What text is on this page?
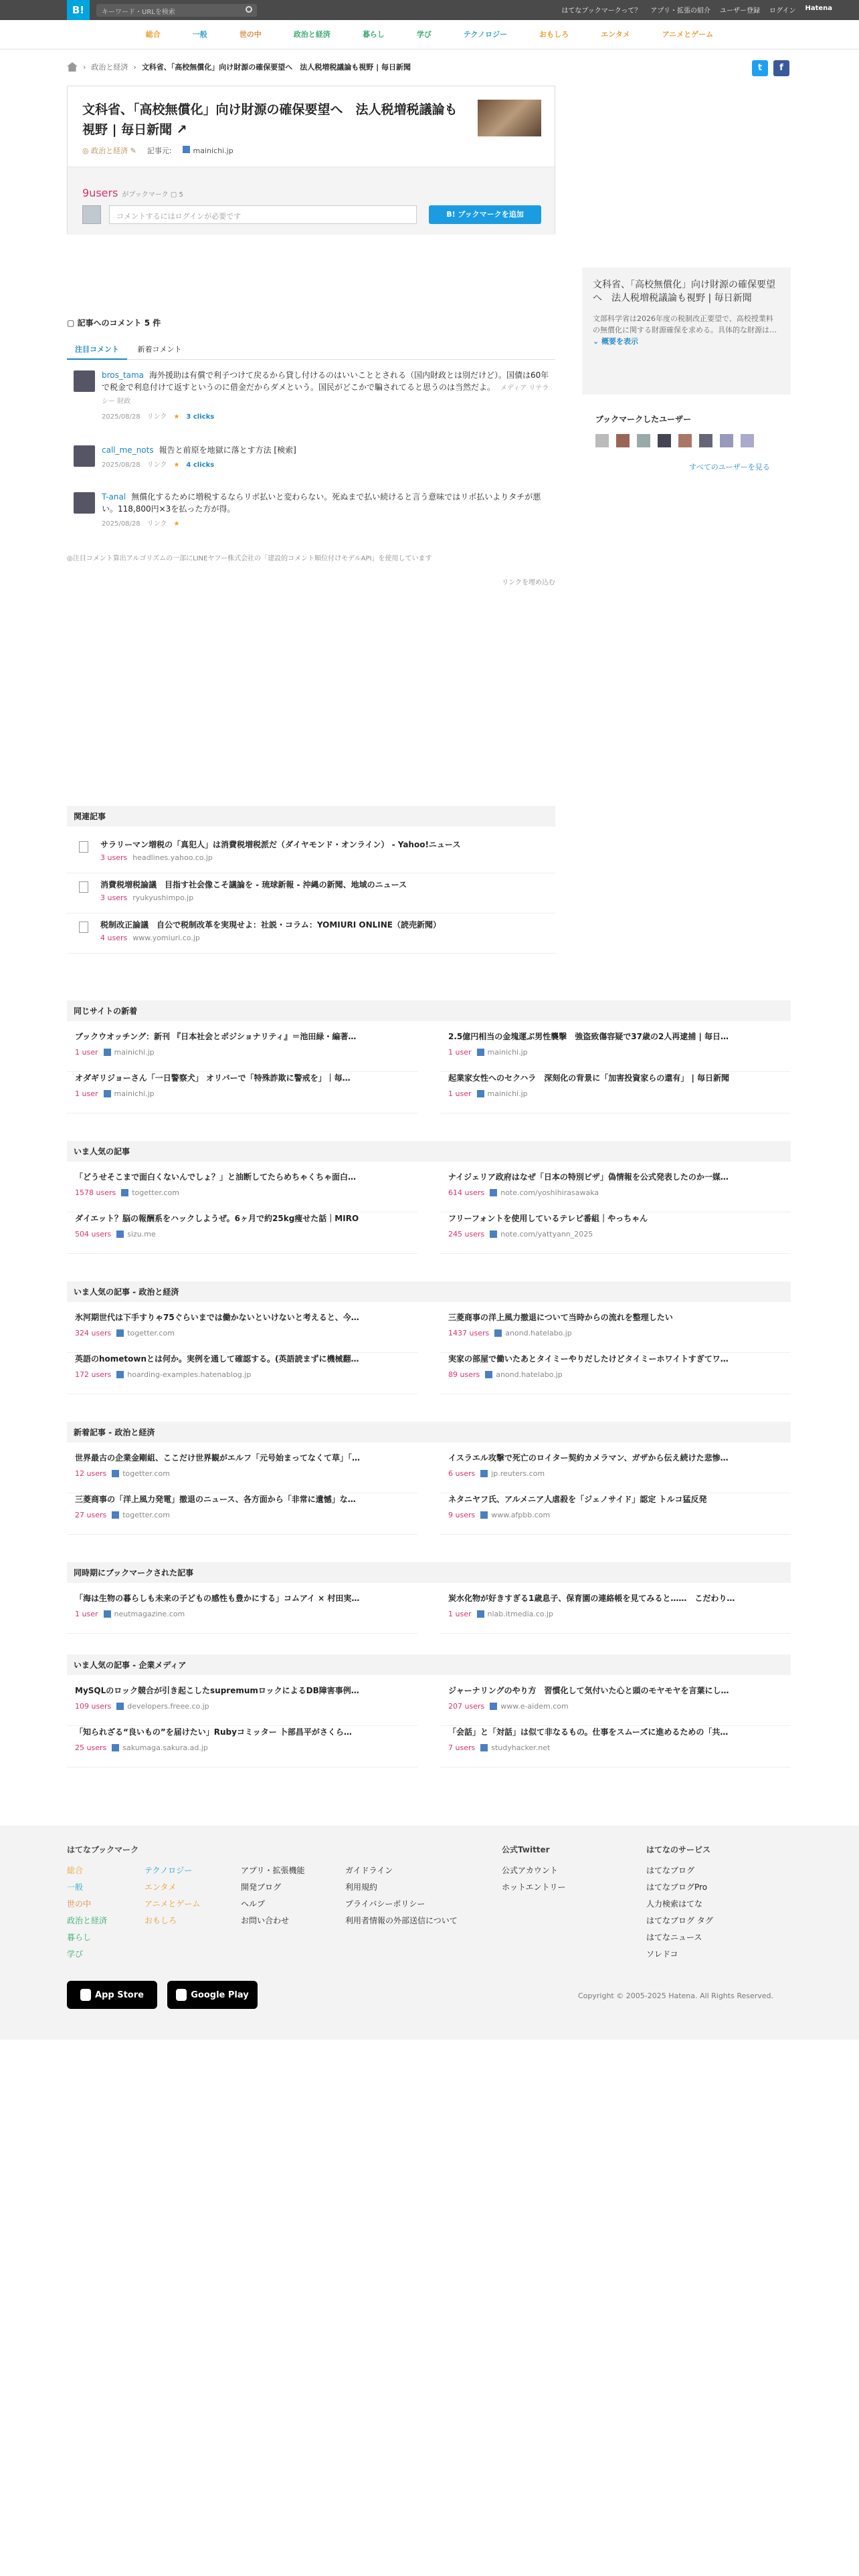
B!	キーワード・URLを検索	はてなブックマークって？ アプリ・拡張の紹介 ユーザー登録 ログイン Hatena
総合	一般	世の中	政治と経済	暮らし	学び	テクノロジー	おもしろ	エンタメ	アニメとゲーム
› 政治と経済 › 文科省、「高校無償化」向け財源の確保要望へ　法人税増税議論も視野 | 毎日新聞	t	f
文科省、「高校無償化」向け財源の確保要望へ　法人税増税議論も視野 | 毎日新聞 ↗
◎ 政治と経済 ✎ 記事元:	mainichi.jp
9users がブックマーク ▢ 5
コメントするにはログインが必要です	B! ブックマークを追加
文科省、「高校無償化」向け財源の確保要望へ　法人税増税議論も視野 | 毎日新聞
文部科学省は2026年度の税制改正要望で、高校授業料の無償化に関する財源確保を求める。具体的な財源は… ⌄ 概要を表示
ブックマークしたユーザー
すべてのユーザーを見る
▢ 記事へのコメント 5 件
注目コメント	新着コメント
bros_tama 海外援助は有償で利子つけて戻るから貸し付けるのはいいこととされる（国内財政とは別だけど）。国債は60年で税金で利息付けて返すというのに借金だからダメという。国民がどこかで騙されてると思うのは当然だよ。 メディア リテラシー 財政
2025/08/28　 リンク　★　3 clicks
call_me_nots 報告と前原を地獄に落とす方法 [検索]
2025/08/28　 リンク　★　4 clicks
T-anal 無償化するために増税するならリボ払いと変わらない。死ぬまで払い続けると言う意味ではリボ払いよりタチが悪い。118,800円×3を払った方が得。
2025/08/28　 リンク　★　
◎注目コメント算出アルゴリズムの一部にLINEヤフー株式会社の「建設的コメント順位付けモデルAPI」を使用しています
リンクを埋め込む
関連記事
サラリーマン増税の「真犯人」は消費税増税派だ（ダイヤモンド・オンライン） - Yahoo!ニュース
3 users headlines.yahoo.co.jp
消費税増税論議　目指す社会像こそ議論を - 琉球新報 - 沖縄の新聞、地域のニュース
3 users ryukyushimpo.jp
税制改正論議　自公で税制改革を実現せよ：社説・コラム：YOMIURI ONLINE（読売新聞）
4 users www.yomiuri.co.jp
同じサイトの新着
ブックウオッチング：新刊 『日本社会とポジショナリティ』＝池田緑・編著…
1 user mainichi.jp
2.5億円相当の金塊運ぶ男性襲撃　強盗致傷容疑で37歳の2人再逮捕 | 毎日…
1 user mainichi.jp
オダギリジョーさん「一日警察犬」 オリバーで「特殊詐欺に警戒を」｜毎…
1 user mainichi.jp
起業家女性へのセクハラ　深刻化の背景に「加害投資家らの還有」 | 毎日新聞
1 user mainichi.jp
いま人気の記事
「どうせそこまで面白くないんでしょ？」と油断してたらめちゃくちゃ面白…
1578 users togetter.com
ナイジェリア政府はなぜ「日本の特別ビザ」偽情報を公式発表したのか一媒…
614 users note.com/yoshihirasawaka
ダイエット？脳の報酬系をハックしようぜ。6ヶ月で約25kg痩せた話｜MIRO
504 users sizu.me
フリーフォントを使用しているテレビ番組｜やっちゃん
245 users note.com/yattyann_2025
いま人気の記事 - 政治と経済
氷河期世代は下手すりゃ75ぐらいまでは働かないといけないと考えると、今…
324 users togetter.com
三菱商事の洋上風力撤退について当時からの流れを整理したい
1437 users anond.hatelabo.jp
英語のhometownとは何か。実例を通して確認する。(英語読まずに機械翻…
172 users hoarding-examples.hatenablog.jp
実家の部屋で働いたあとタイミーやりだしたけどタイミーホワイトすぎてワ…
89 users anond.hatelabo.jp
新着記事 - 政治と経済
世界最古の企業金剛組、ここだけ世界観がエルフ「元号始まってなくて草」「…
12 users togetter.com
イスラエル攻撃で死亡のロイター契約カメラマン、ガザから伝え続けた悲惨…
6 users jp.reuters.com
三菱商事の「洋上風力発電」撤退のニュース、各方面から「非常に遺憾」な…
27 users togetter.com
ネタニヤフ氏、アルメニア人虐殺を「ジェノサイド」認定 トルコ猛反発
9 users www.afpbb.com
同時期にブックマークされた記事
「海は生物の暮らしも未来の子どもの感性も豊かにする」コムアイ × 村田実…
1 user neutmagazine.com
炭水化物が好きすぎる1歳息子、保育園の連絡帳を見てみると……　こだわり…
1 user nlab.itmedia.co.jp
いま人気の記事 - 企業メディア
MySQLのロック競合が引き起こしたsupremumロックによるDB障害事例…
109 users developers.freee.co.jp
ジャーナリングのやり方　習慣化して気付いた心と頭のモヤモヤを言葉にし…
207 users www.e-aidem.com
「知られざる“良いもの”を届けたい」Rubyコミッター 卜部昌平がさくら…
25 users sakumaga.sakura.ad.jp
「会話」と「対話」は似て非なるもの。仕事をスムーズに進めるための「共…
7 users studyhacker.net
はてなブックマーク
総合
一般
世の中
政治と経済
暮らし
学び
テクノロジー
エンタメ
アニメとゲーム
おもしろ
アプリ・拡張機能
開発ブログ
ヘルプ
お問い合わせ
ガイドライン
利用規約
プライバシーポリシー
利用者情報の外部送信について
公式Twitter
公式アカウント
ホットエントリー
はてなのサービス
はてなブログ
はてなブログPro
人力検索はてな
はてなブログ タグ
はてなニュース
ソレドコ
App Store	Google Play	Copyright © 2005-2025 Hatena. All Rights Reserved.
